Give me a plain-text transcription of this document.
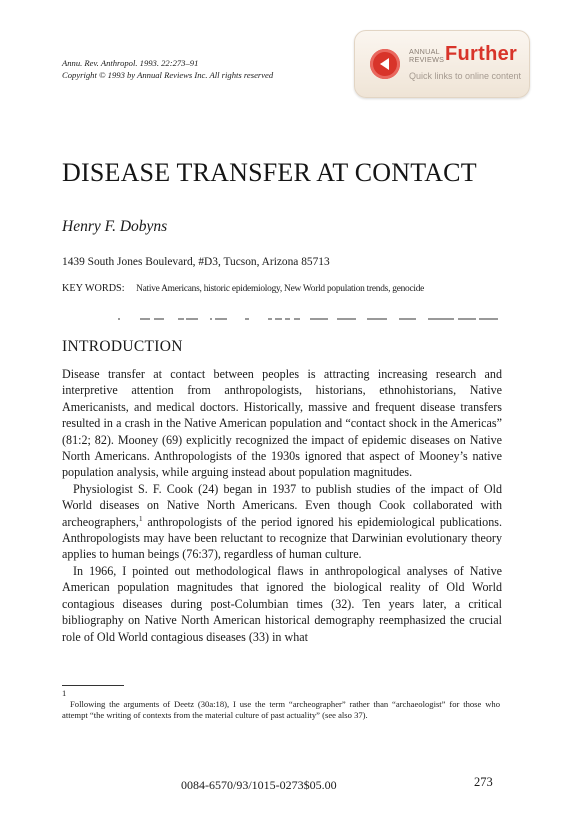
Annu. Rev. Anthropol. 1993. 22:273–91
Copyright © 1993 by Annual Reviews Inc. All rights reserved
ANNUAL
REVIEWS Further
Quick links to online content
DISEASE TRANSFER AT CONTACT
Henry F. Dobyns
1439 South Jones Boulevard, #D3, Tucson, Arizona 85713
KEY WORDS: Native Americans, historic epidemiology, New World population trends, genocide
INTRODUCTION

Disease transfer at contact between peoples is attracting increasing research and interpretive attention from anthropologists, historians, ethnohistorians, Native Americanists, and medical doctors. Historically, massive and frequent disease transfers resulted in a crash in the Native American population and “contact shock in the Americas” (81:2; 82). Mooney (69) explicitly recognized the impact of epidemic diseases on Native North Americans. Anthropologists of the 1930s ignored that aspect of Mooney’s native population analysis, while arguing instead about population magnitudes.

Physiologist S. F. Cook (24) began in 1937 to publish studies of the impact of Old World diseases on Native North Americans. Even though Cook collaborated with archeographers,$^1$ anthropologists of the period ignored his epidemiological publications. Anthropologists may have been reluctant to recognize that Darwinian evolutionary theory applies to human beings (76:37), regardless of human culture.

In 1966, I pointed out methodological flaws in anthropological analyses of Native American population magnitudes that ignored the biological reality of Old World contagious diseases during post-Columbian times (32). Ten years later, a critical bibliography on Native North American historical demography reemphasized the crucial role of Old World contagious diseases (33) in what

1

Following the arguments of Deetz (30a:18), I use the term “archeographer” rather than “archaeologist” for those who attempt “the writing of contexts from the material culture of past actuality” (see also 37).

0084-6570/93/1015-0273$05.00	273
